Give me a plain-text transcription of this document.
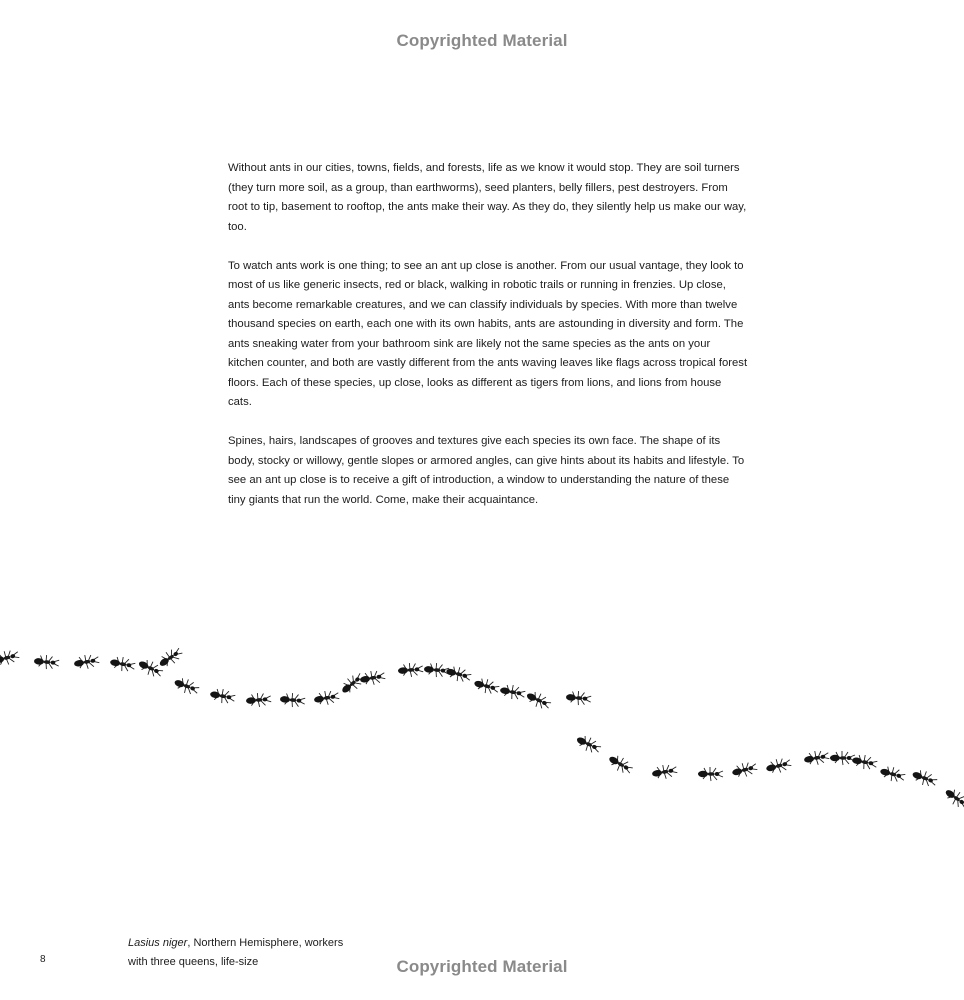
Copyrighted Material

Without ants in our cities, towns, fields, and forests, life as we know it would stop. They are soil turners (they turn more soil, as a group, than earthworms), seed planters, belly fillers, pest destroyers. From root to tip, basement to rooftop, the ants make their way. As they do, they silently help us make our way, too.

To watch ants work is one thing; to see an ant up close is another. From our usual vantage, they look to most of us like generic insects, red or black, walking in robotic trails or running in frenzies. Up close, ants become remarkable creatures, and we can classify individuals by species. With more than twelve thousand species on earth, each one with its own habits, ants are astounding in diversity and form. The ants sneaking water from your bathroom sink are likely not the same species as the ants on your kitchen counter, and both are vastly different from the ants waving leaves like flags across tropical forest floors. Each of these species, up close, looks as different as tigers from lions, and lions from house cats.

Spines, hairs, landscapes of grooves and textures give each species its own face. The shape of its body, stocky or willowy, gentle slopes or armored angles, can give hints about its habits and lifestyle. To see an ant up close is to receive a gift of introduction, a window to understanding the nature of these tiny giants that run the world. Come, make their acquaintance.

Lasius niger, Northern Hemisphere, workers
with three queens, life-size
8	Copyrighted Material
